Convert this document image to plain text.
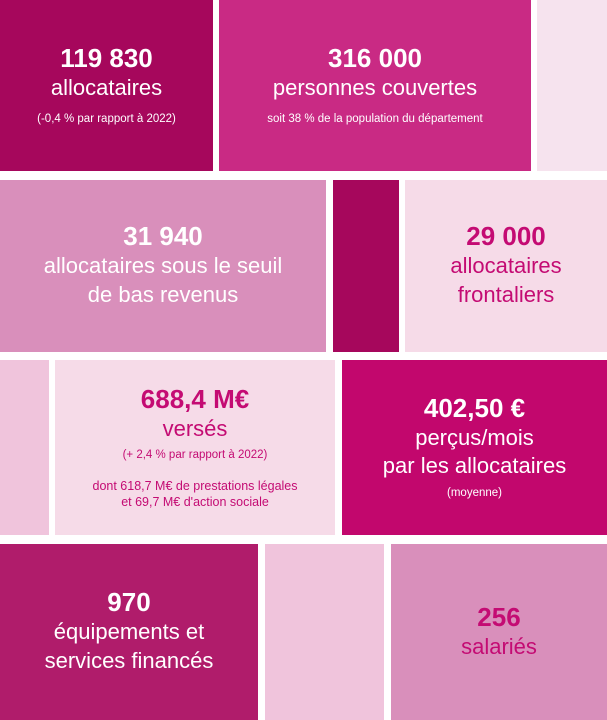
119 830
allocataires
(-0,4 % par rapport à 2022)
316 000
personnes couvertes
soit 38 % de la population du département
31 940
allocataires sous le seuil
de bas revenus
29 000
allocataires
frontaliers
688,4 M€
versés
(+ 2,4 % par rapport à 2022)
dont 618,7 M€ de prestations légales
et 69,7 M€ d'action sociale
402,50 €
perçus/mois
par les allocataires
(moyenne)
970
équipements et
services financés
256
salariés
